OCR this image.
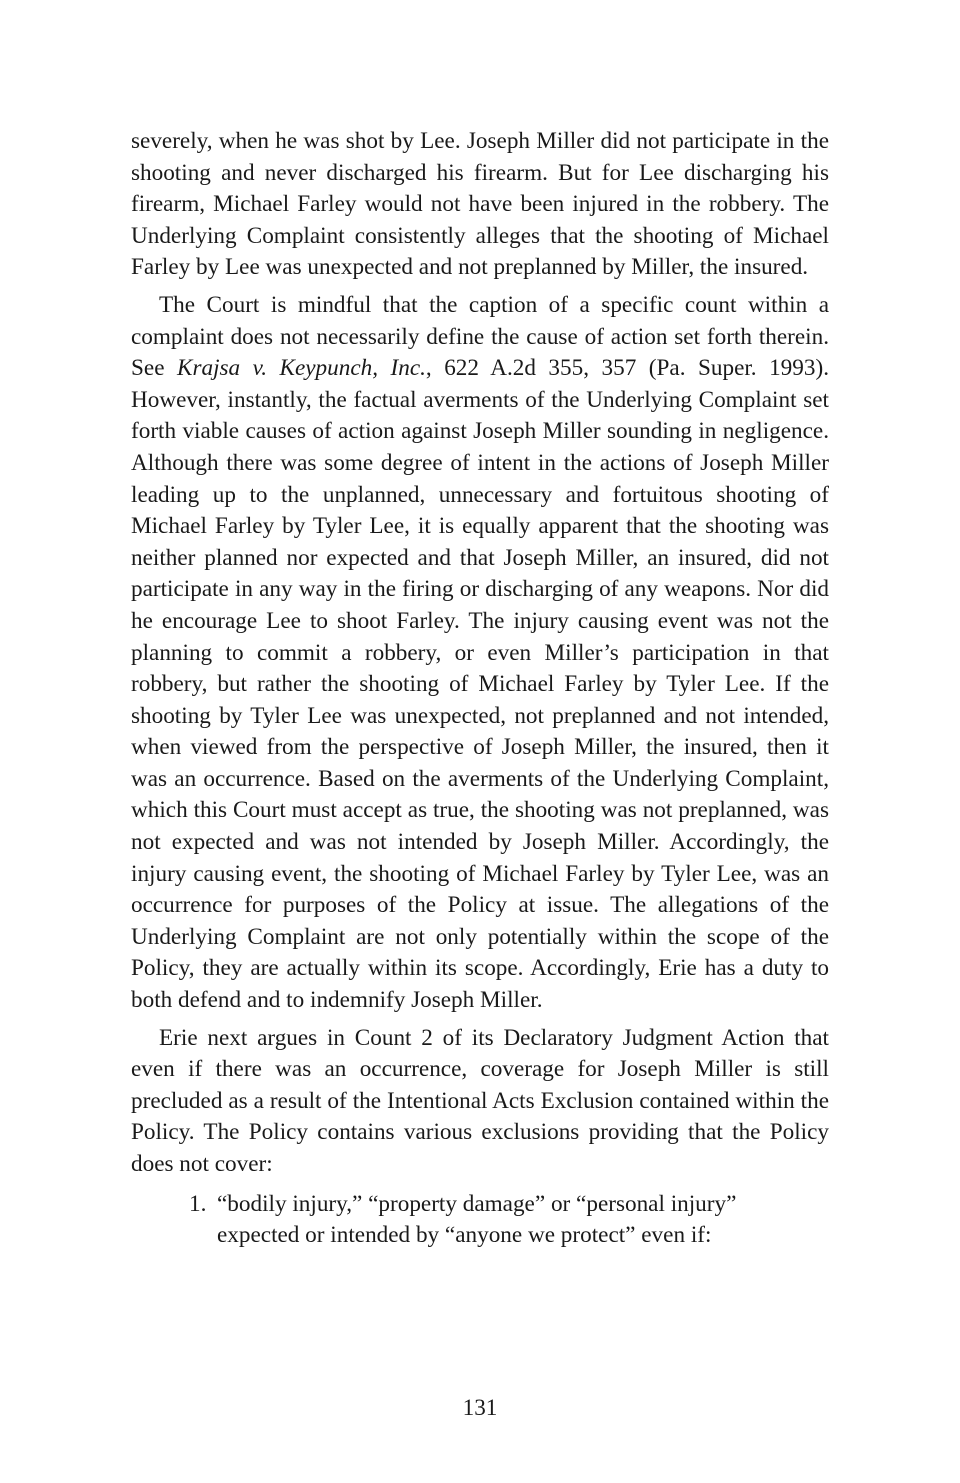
severely, when he was shot by Lee. Joseph Miller did not participate in the shooting and never discharged his firearm. But for Lee discharging his firearm, Michael Farley would not have been injured in the robbery. The Underlying Complaint consistently alleges that the shooting of Michael Farley by Lee was unexpected and not preplanned by Miller, the insured.

The Court is mindful that the caption of a specific count within a complaint does not necessarily define the cause of action set forth therein. See Krajsa v. Keypunch, Inc., 622 A.2d 355, 357 (Pa. Super. 1993). However, instantly, the factual averments of the Underlying Complaint set forth viable causes of action against Joseph Miller sounding in negligence. Although there was some degree of intent in the actions of Joseph Miller leading up to the unplanned, unnecessary and fortuitous shooting of Michael Farley by Tyler Lee, it is equally apparent that the shooting was neither planned nor expected and that Joseph Miller, an insured, did not participate in any way in the firing or discharging of any weapons. Nor did he encourage Lee to shoot Farley. The injury causing event was not the planning to commit a robbery, or even Miller’s participation in that robbery, but rather the shooting of Michael Farley by Tyler Lee. If the shooting by Tyler Lee was unexpected, not preplanned and not intended, when viewed from the perspective of Joseph Miller, the insured, then it was an occurrence. Based on the averments of the Underlying Complaint, which this Court must accept as true, the shooting was not preplanned, was not expected and was not intended by Joseph Miller. Accordingly, the injury causing event, the shooting of Michael Farley by Tyler Lee, was an occurrence for purposes of the Policy at issue. The allegations of the Underlying Complaint are not only potentially within the scope of the Policy, they are actually within its scope. Accordingly, Erie has a duty to both defend and to indemnify Joseph Miller.

Erie next argues in Count 2 of its Declaratory Judgment Action that even if there was an occurrence, coverage for Joseph Miller is still precluded as a result of the Intentional Acts Exclusion contained within the Policy. The Policy contains various exclusions providing that the Policy does not cover:

1. “bodily injury,” “property damage” or “personal injury” expected or intended by “anyone we protect” even if:
131
